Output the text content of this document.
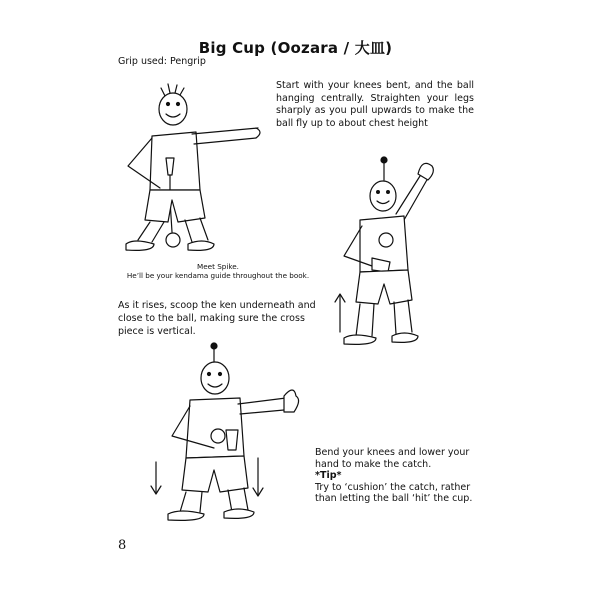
Big Cup (Oozara / 大皿)
Grip used: Pengrip
Start with your knees bent, and the ball hanging centrally. Straighten your legs sharply as you pull upwards to make the ball fly up to about chest height
Meet Spike.
He’ll be your kendama guide throughout the book.
As it rises, scoop the ken underneath and close to the ball, making sure the cross piece is vertical.
Bend your knees and lower your hand to make the catch.
*Tip*
Try to ‘cushion’ the catch, rather than letting the ball ‘hit’ the cup.
8
